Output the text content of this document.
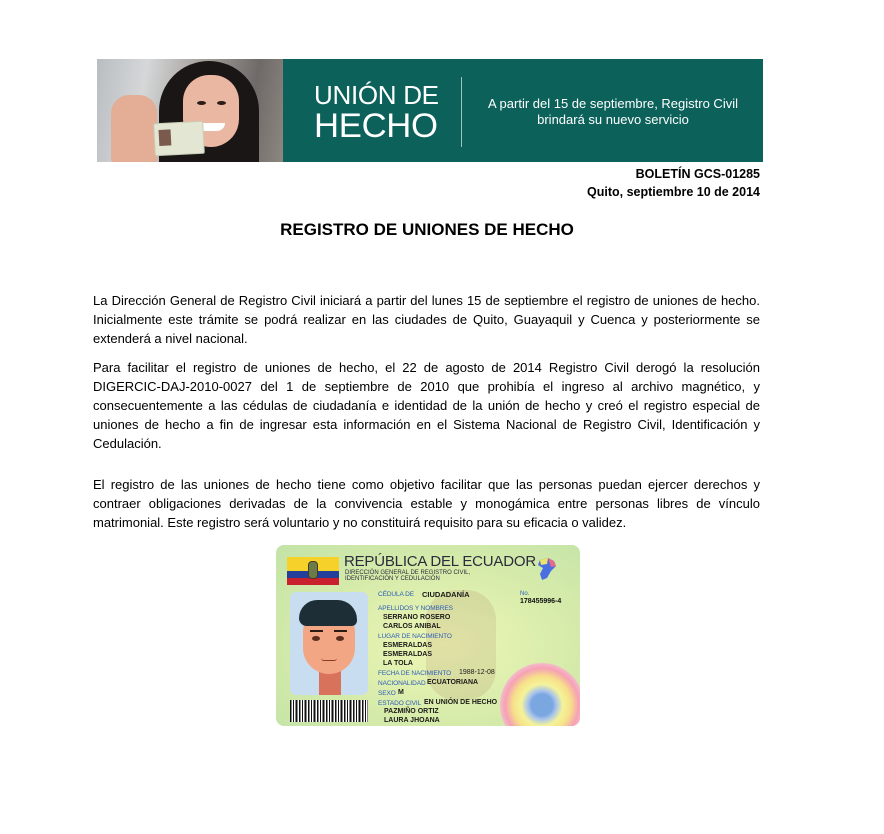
UNIÓN DE
HECHO
A partir del 15 de septiembre, Registro Civil
brindará su nuevo servicio
BOLETÍN GCS-01285
Quito, septiembre 10 de 2014
REGISTRO DE UNIONES DE HECHO

La Dirección General de Registro Civil iniciará a partir del lunes 15 de septiembre el registro de uniones de hecho. Inicialmente este trámite se podrá realizar en las ciudades de Quito, Guayaquil y Cuenca y posteriormente se extenderá a nivel nacional.

Para facilitar el registro de uniones de hecho, el 22 de agosto de 2014 Registro Civil derogó la resolución DIGERCIC-DAJ-2010-0027 del 1 de septiembre de 2010 que prohibía el ingreso al archivo magnético, y consecuentemente a las cédulas de ciudadanía e identidad de la unión de hecho y creó el registro especial de uniones de hecho a fin de ingresar esta información en el Sistema Nacional de Registro Civil, Identificación y Cedulación.

El registro de las uniones de hecho tiene como objetivo facilitar que las personas puedan ejercer derechos y contraer obligaciones derivadas de la convivencia estable y monogámica entre personas libres de vínculo matrimonial. Este registro será voluntario y no constituirá requisito para su eficacia o validez.

REPÚBLICA DEL ECUADOR
DIRECCIÓN GENERAL DE REGISTRO CIVIL,
IDENTIFICACIÓN Y CEDULACIÓN
CÉDULA DE CIUDADANÍA	No.
178455996-4
APELLIDOS Y NOMBRES
SERRANO ROSERO
CARLOS ANIBAL
LUGAR DE NACIMIENTO
ESMERALDAS
ESMERALDAS
LA TOLA
FECHA DE NACIMIENTO 1988-12-08
NACIONALIDAD ECUATORIANA
SEXO M
ESTADO CIVIL EN UNIÓN DE HECHO
PAZMIÑO ORTIZ
LAURA JHOANA
